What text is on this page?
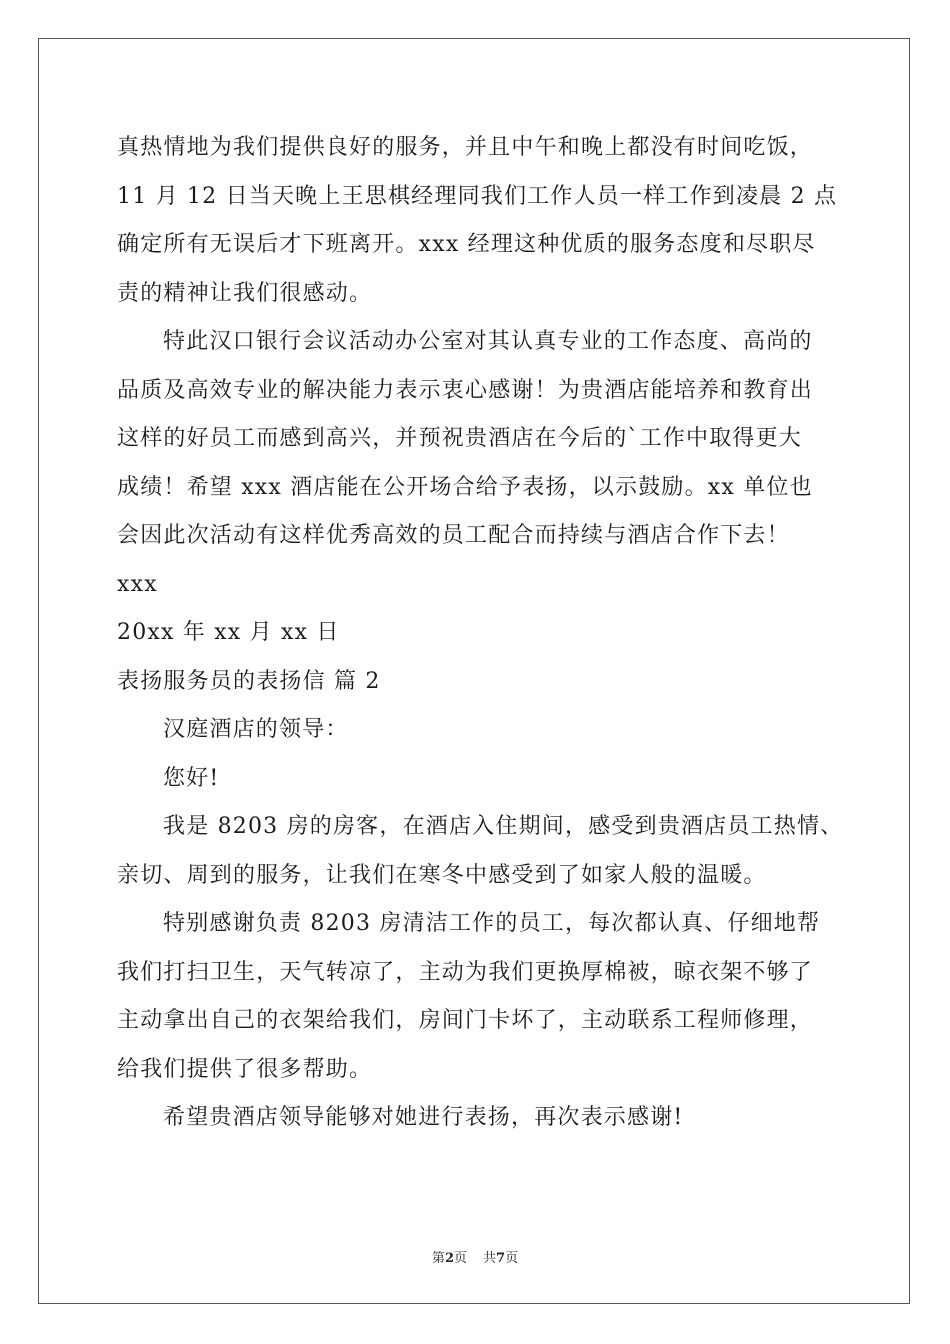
真热情地为我们提供良好的服务，并且中午和晚上都没有时间吃饭，
11 月 12 日当天晚上王思棋经理同我们工作人员一样工作到凌晨 2 点
确定所有无误后才下班离开。xxx 经理这种优质的服务态度和尽职尽
责的精神让我们很感动。
特此汉口银行会议活动办公室对其认真专业的工作态度、高尚的
品质及高效专业的解决能力表示衷心感谢！为贵酒店能培养和教育出
这样的好员工而感到高兴，并预祝贵酒店在今后的`工作中取得更大
成绩！希望 xxx 酒店能在公开场合给予表扬，以示鼓励。xx 单位也
会因此次活动有这样优秀高效的员工配合而持续与酒店合作下去！
xxx
20xx 年 xx 月 xx 日
表扬服务员的表扬信 篇 2
汉庭酒店的领导：
您好!
我是 8203 房的房客，在酒店入住期间，感受到贵酒店员工热情、
亲切、周到的服务，让我们在寒冬中感受到了如家人般的温暖。
特别感谢负责 8203 房清洁工作的员工，每次都认真、仔细地帮
我们打扫卫生，天气转凉了，主动为我们更换厚棉被，晾衣架不够了
主动拿出自己的衣架给我们，房间门卡坏了，主动联系工程师修理，
给我们提供了很多帮助。
希望贵酒店领导能够对她进行表扬，再次表示感谢!
第2页 共7页
